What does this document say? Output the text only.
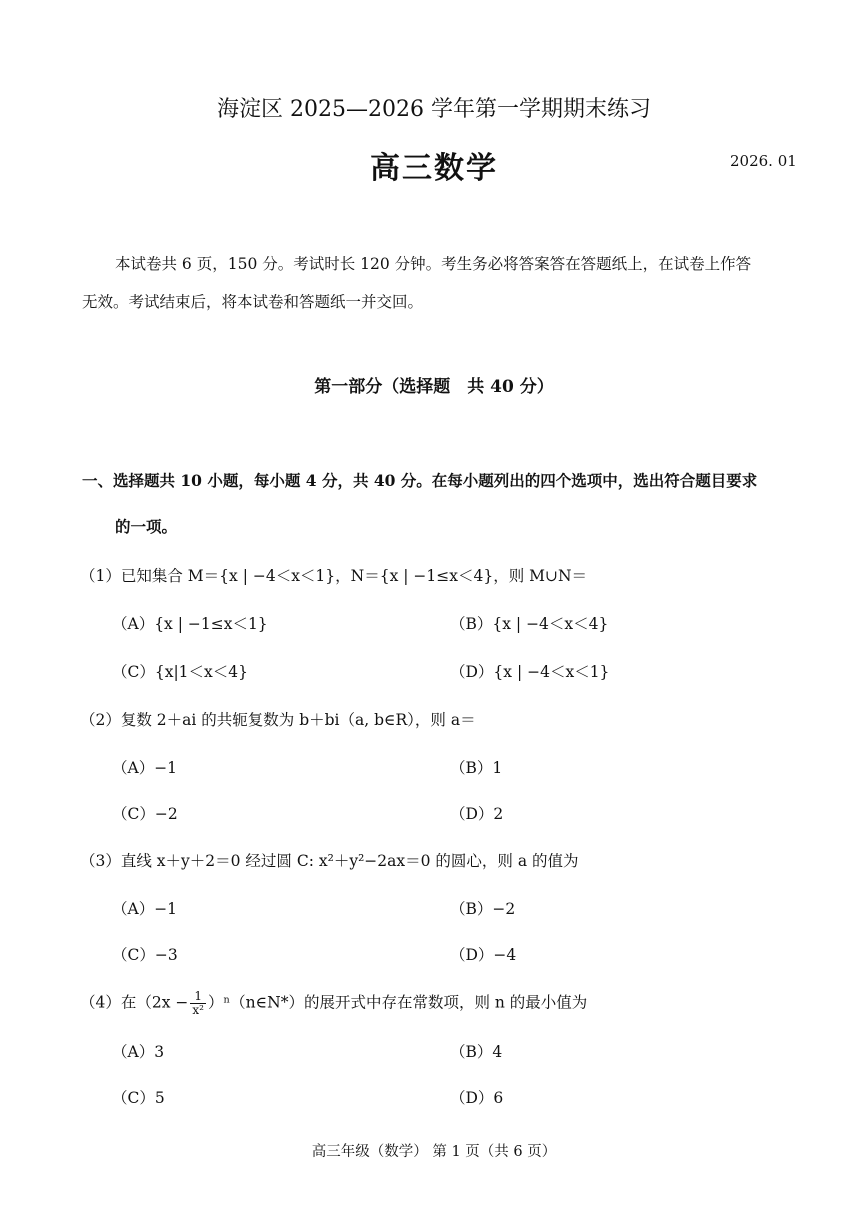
海淀区 2025—2026 学年第一学期期末练习
高三数学	2026. 01
本试卷共 6 页，150 分。考试时长 120 分钟。考生务必将答案答在答题纸上，在试卷上作答
无效。考试结束后，将本试卷和答题纸一并交回。
第一部分（选择题　共 40 分）
一、选择题共 10 小题，每小题 4 分，共 40 分。在每小题列出的四个选项中，选出符合题目要求
的一项。
（1）已知集合 M＝{x | −4＜x＜1}，N＝{x | −1≤x＜4}，则 M∪N＝
（A）{x | −1≤x＜1}	（B）{x | −4＜x＜4}
（C）{x|1＜x＜4}	（D）{x | −4＜x＜1}
（2）复数 2＋ai 的共轭复数为 b＋bi（a, b∈R），则 a＝
（A）−1	（B）1
（C）−2	（D）2
（3）直线 x＋y＋2＝0 经过圆 C: x²＋y²−2ax＝0 的圆心，则 a 的值为
（A）−1	（B）−2
（C）−3	（D）−4
（4）在（$2x - \frac{1}{\text{x²}}$ ）ⁿ（n∈N*）的展开式中存在常数项，则 n 的最小值为
（A）3	（B）4
（C）5	（D）6
高三年级（数学） 第 1 页（共 6 页）
